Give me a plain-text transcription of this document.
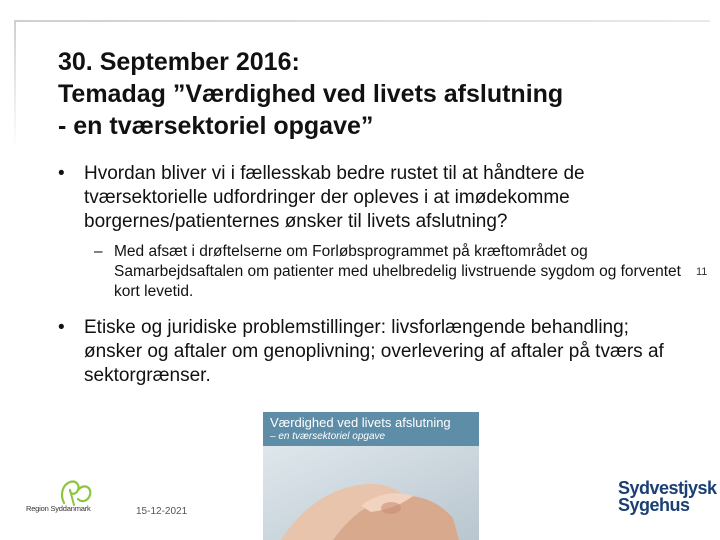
30. September 2016:
Temadag ”Værdighed ved livets afslutning
- en tværsektoriel opgave”
• Hvordan bliver vi i fællesskab bedre rustet til at håndtere de tværsektorielle udfordringer der opleves i at imødekomme borgernes/patienternes ønsker til livets afslutning?
– Med afsæt i drøftelserne om Forløbsprogrammet på kræftområdet og Samarbejdsaftalen om patienter med uhelbredelig livstruende sygdom og forventet kort levetid.
• Etiske og juridiske problemstillinger: livsforlængende behandling; ønsker og aftaler om genoplivning; overlevering af aftaler på tværs af sektorgrænser.
11
Værdighed ved livets afslutning
– en tværsektoriel opgave
15-12-2021
Region Syddanmark
Sydvestjysk
Sygehus
